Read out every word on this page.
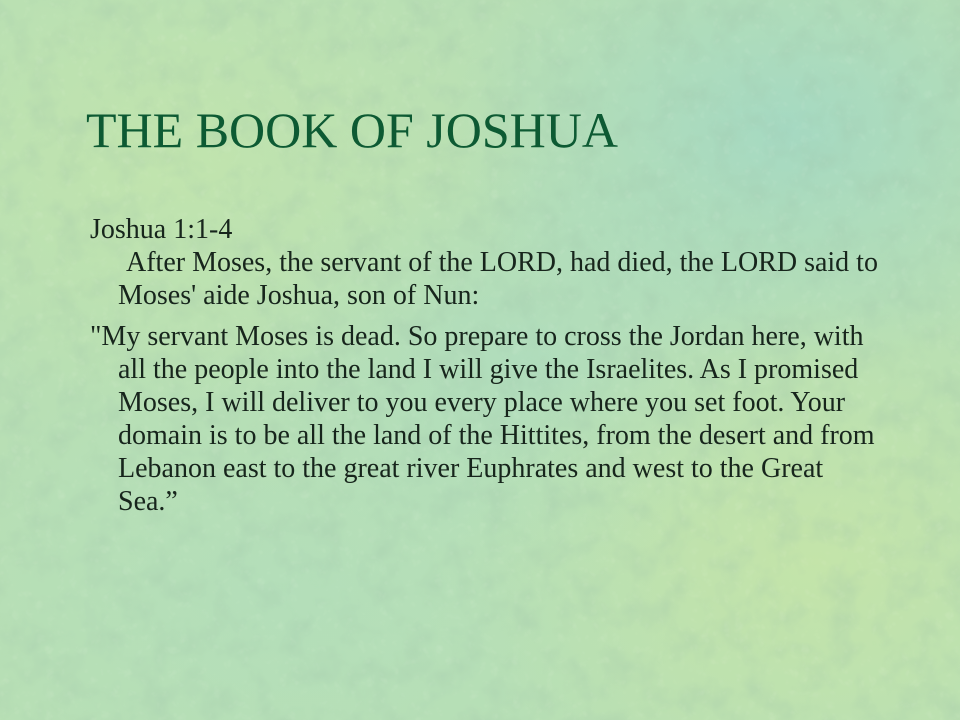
THE BOOK OF JOSHUA

Joshua 1:1-4
After Moses, the servant of the LORD, had died, the LORD said to Moses' aide Joshua, son of Nun:

"My servant Moses is dead. So prepare to cross the Jordan here, with all the people into the land I will give the Israelites. As I promised Moses, I will deliver to you every place where you set foot. Your domain is to be all the land of the Hittites, from the desert and from Lebanon east to the great river Euphrates and west to the Great Sea.”
